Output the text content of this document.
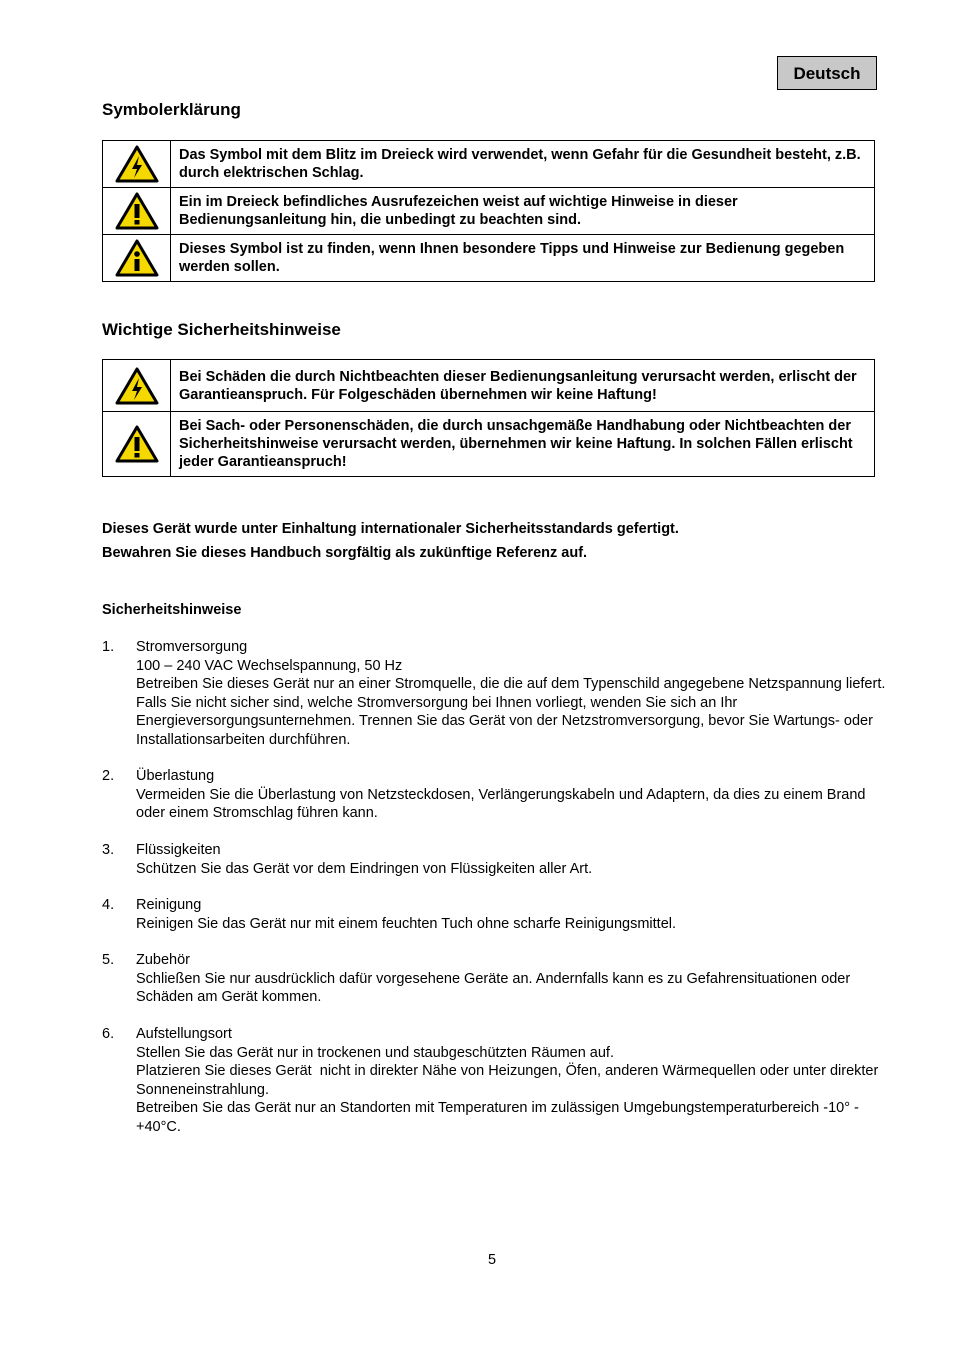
Deutsch
Symbolerklärung
	Das Symbol mit dem Blitz im Dreieck wird verwendet, wenn Gefahr für die Gesundheit besteht, z.B. durch elektrischen Schlag.

	Ein im Dreieck befindliches Ausrufezeichen weist auf wichtige Hinweise in dieser Bedienungsanleitung hin, die unbedingt zu beachten sind.

	Dieses Symbol ist zu finden, wenn Ihnen besondere Tipps und Hinweise zur Bedienung gegeben werden sollen.
Wichtige Sicherheitshinweise
	Bei Schäden die durch Nichtbeachten dieser Bedienungsanleitung verursacht werden, erlischt der Garantieanspruch. Für Folgeschäden übernehmen wir keine Haftung!

	Bei Sach- oder Personenschäden, die durch unsachgemäße Handhabung oder Nichtbeachten der Sicherheitshinweise verursacht werden, übernehmen wir keine Haftung. In solchen Fällen erlischt jeder Garantieanspruch!

Dieses Gerät wurde unter Einhaltung internationaler Sicherheitsstandards gefertigt.

Bewahren Sie dieses Handbuch sorgfältig als zukünftige Referenz auf.

Sicherheitshinweise

1. Stromversorgung
100 – 240 VAC Wechselspannung, 50 Hz
Betreiben Sie dieses Gerät nur an einer Stromquelle, die die auf dem Typenschild angegebene Netzspannung liefert. Falls Sie nicht sicher sind, welche Stromversorgung bei Ihnen vorliegt, wenden Sie sich an Ihr Energieversorgungsunternehmen. Trennen Sie das Gerät von der Netzstromversorgung, bevor Sie Wartungs- oder Installationsarbeiten durchführen.
2. Überlastung
Vermeiden Sie die Überlastung von Netzsteckdosen, Verlängerungskabeln und Adaptern, da dies zu einem Brand oder einem Stromschlag führen kann.
3. Flüssigkeiten
Schützen Sie das Gerät vor dem Eindringen von Flüssigkeiten aller Art.
4. Reinigung
Reinigen Sie das Gerät nur mit einem feuchten Tuch ohne scharfe Reinigungsmittel.
5. Zubehör
Schließen Sie nur ausdrücklich dafür vorgesehene Geräte an. Andernfalls kann es zu Gefahrensituationen oder Schäden am Gerät kommen.
6. Aufstellungsort
Stellen Sie das Gerät nur in trockenen und staubgeschützten Räumen auf.
Platzieren Sie dieses Gerät  nicht in direkter Nähe von Heizungen, Öfen, anderen Wärmequellen oder unter direkter Sonneneinstrahlung.
Betreiben Sie das Gerät nur an Standorten mit Temperaturen im zulässigen Umgebungstemperaturbereich -10° - +40°C.
5
